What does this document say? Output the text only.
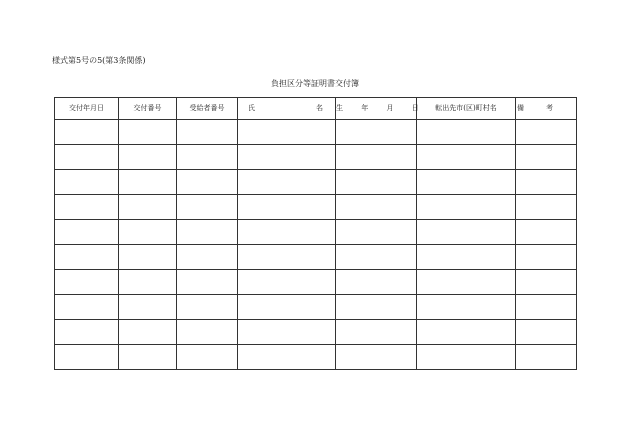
様式第5号の5(第3条関係)
負担区分等証明書交付簿
交付年月日	交付番号	受給者番号	氏 名	生 年 月 日	転出先市(区)町村名	備考
